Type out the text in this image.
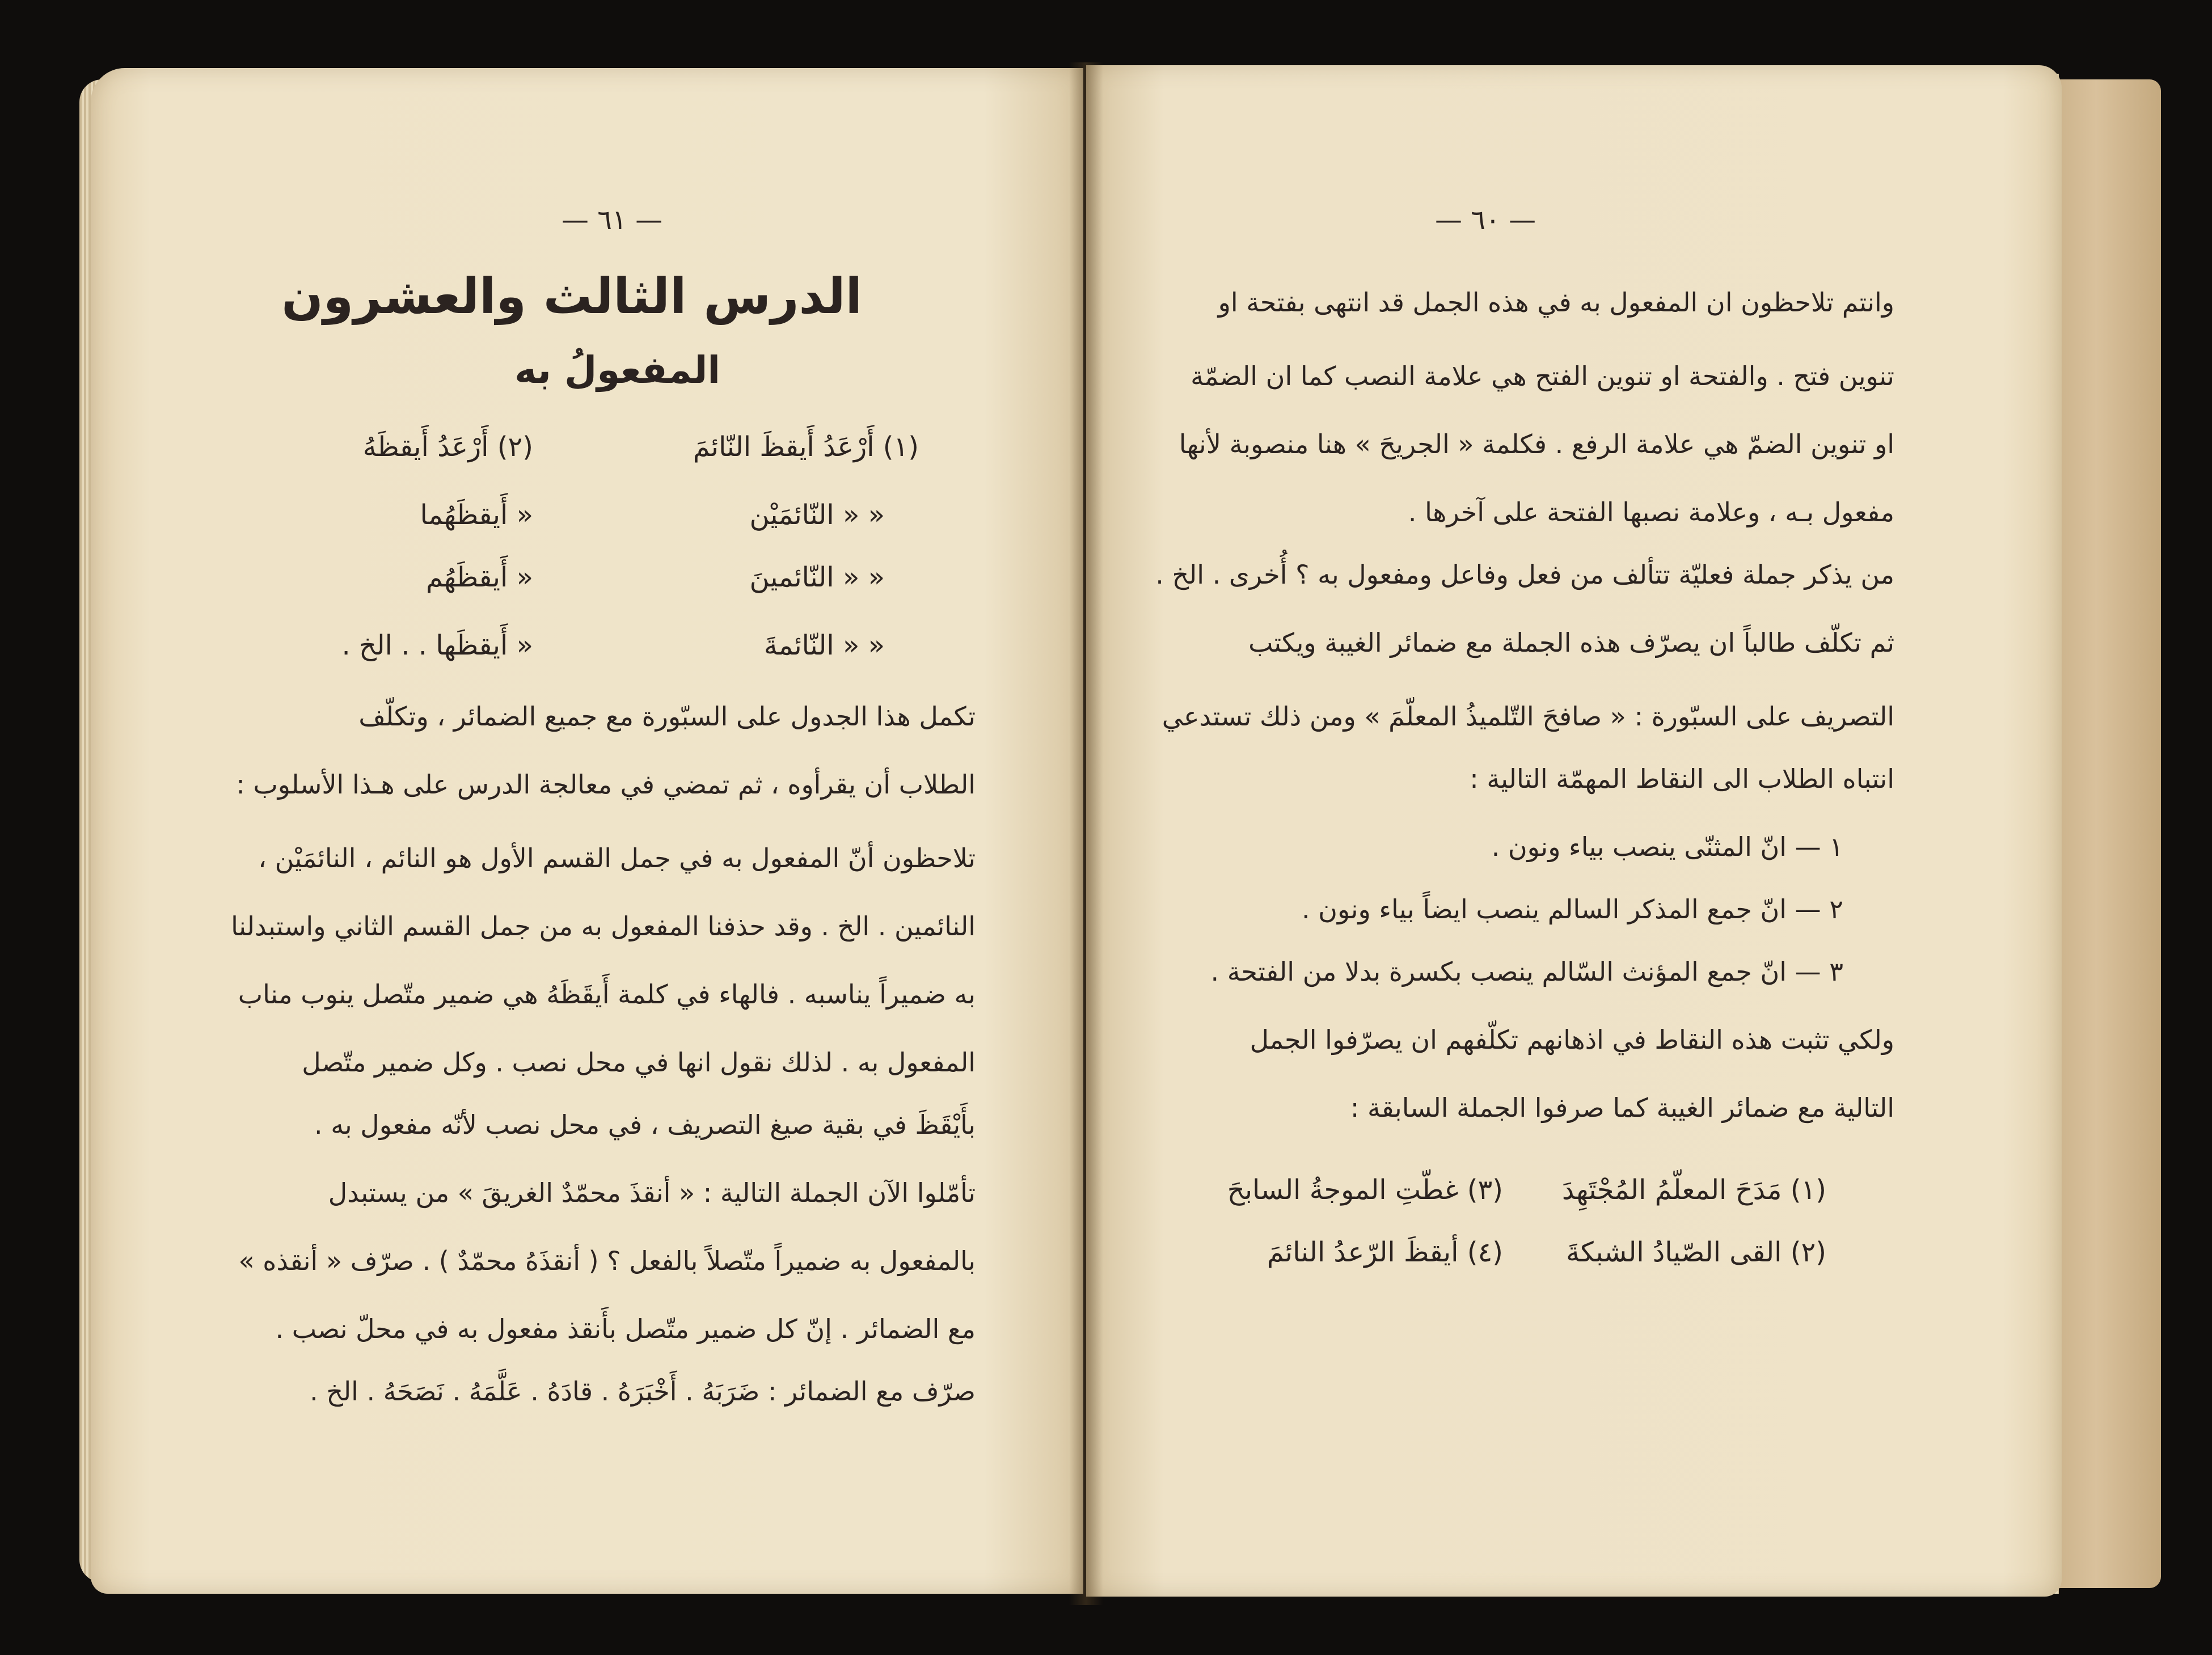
— ٦١ —
الدرس الثالث والعشرون
المفعولُ به
(١) أَرْعَدُ أَيقظَ النّائمَ
(٢) أَرْعَدُ أَيقظَهُ
« « النّائمَيْن
« أَيقظَهُما
« « النّائمينَ
« أَيقظَهُم
« « النّائمةَ
« أَيقظَها . . الخ .
تكمل هذا الجدول على السبّورة مع جميع الضمائر ، وتكلّف
الطلاب أن يقرأوه ، ثم تمضي في معالجة الدرس على هـذا الأسلوب :
تلاحظون أنّ المفعول به في جمل القسم الأول هو النائم ، النائمَيْن ،
النائمين . الخ . وقد حذفنا المفعول به من جمل القسم الثاني واستبدلنا
به ضميراً يناسبه . فالهاء في كلمة أَيقَظَهُ هي ضمير متّصل ينوب مناب
المفعول به . لذلك نقول انها في محل نصب . وكل ضمير متّصل
بأَيْقَظَ في بقية صيغ التصريف ، في محل نصب لأنّه مفعول به .
تأمّلوا الآن الجملة التالية : « أنقذَ محمّدٌ الغريقَ » من يستبدل
بالمفعول به ضميراً متّصلاً بالفعل ؟ ( أنقذَهُ محمّدٌ ) . صرّف « أنقذه »
مع الضمائر . إنّ كل ضمير متّصل بأَنقذ مفعول به في محلّ نصب .
صرّف مع الضمائر : ضَرَبَهُ . أَخْبَرَهُ . قادَهُ . عَلَّمَهُ . نَصَحَهُ . الخ .
— ٦٠ —
وانتم تلاحظون ان المفعول به في هذه الجمل قد انتهى بفتحة او
تنوين فتح . والفتحة او تنوين الفتح هي علامة النصب كما ان الضمّة
او تنوين الضمّ هي علامة الرفع . فكلمة « الجريحَ » هنا منصوبة لأنها
مفعول بـه ، وعلامة نصبها الفتحة على آخرها .
من يذكر جملة فعليّة تتألف من فعل وفاعل ومفعول به ؟ أُخرى . الخ .
ثم تكلّف طالباً ان يصرّف هذه الجملة مع ضمائر الغيبة ويكتب
التصريف على السبّورة : « صافحَ التّلميذُ المعلّمَ » ومن ذلك تستدعي
انتباه الطلاب الى النقاط المهمّة التالية :
١ — انّ المثنّى ينصب بياء ونون .
٢ — انّ جمع المذكر السالم ينصب ايضاً بياء ونون .
٣ — انّ جمع المؤنث السّالم ينصب بكسرة بدلا من الفتحة .
ولكي تثبت هذه النقاط في اذهانهم تكلّفهم ان يصرّفوا الجمل
التالية مع ضمائر الغيبة كما صرفوا الجملة السابقة :
(١) مَدَحَ المعلّمُ المُجْتَهِدَ
(٣) غطّتِ الموجةُ السابحَ
(٢) القى الصّيادُ الشبكةَ
(٤) أيقظَ الرّعدُ النائمَ
